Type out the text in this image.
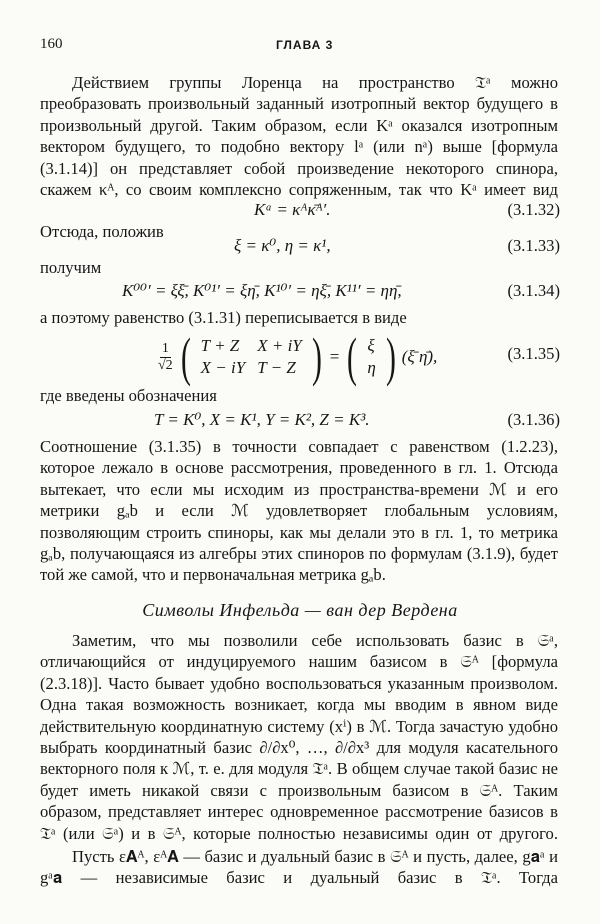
160	ГЛАВА 3
Действием группы Лоренца на пространство 𝔗ᵃ можно преобразовать произвольный заданный изотропный вектор будущего в произвольный другой. Таким образом, если Kᵃ оказался изотропным вектором будущего, то подобно вектору lᵃ (или nᵃ) выше [формула (3.1.14)] он представляет собой произведение некоторого спинора, скажем κᴬ, со своим комплексно сопряженным, так что Kᵃ имеет вид
Kᵃ = κᴬκ̄ᴬ′.	(3.1.32)
Отсюда, положив
ξ = κ⁰, η = κ¹,	(3.1.33)
получим
K⁰⁰′ = ξξ̄, K⁰¹′ = ξη̄, K¹⁰′ = ηξ̄, K¹¹′ = ηη̄,	(3.1.34)
а поэтому равенство (3.1.31) переписывается в виде
$\frac{1}{√2}$ ( T + Z	X + iY
X − iY	T − Z ) = ( ξ
η ) (ξ̄ η̄),	(3.1.35)
где введены обозначения
T = K⁰, X = K¹, Y = K², Z = K³.	(3.1.36)
Соотношение (3.1.35) в точности совпадает с равенством (1.2.23), которое лежало в основе рассмотрения, проведенного в гл. 1. Отсюда вытекает, что если мы исходим из пространства-времени ℳ и его метрики gₐb и если ℳ удовлетворяет глобальным условиям, позволяющим строить спиноры, как мы делали это в гл. 1, то метрика gₐb, получающаяся из алгебры этих спиноров по формулам (3.1.9), будет той же самой, что и первоначальная метрика gₐb.
Символы Инфельда — ван дер Вердена
Заметим, что мы позволили себе использовать базис в 𝔖ᵃ, отличающийся от индуцируемого нашим базисом в 𝔖ᴬ [формула (2.3.18)]. Часто бывает удобно воспользоваться указанным произволом. Одна такая возможность возникает, когда мы вводим в явном виде действительную координатную систему (xⁱ) в ℳ. Тогда зачастую удобно выбрать координатный базис ∂/∂x⁰, …, ∂/∂x³ для модуля касательного векторного поля к ℳ, т. е. для модуля 𝔗ᵃ. В общем случае такой базис не будет иметь никакой связи с произвольным базисом в 𝔖ᴬ. Таким образом, представляет интерес одновременное рассмотрение базисов в 𝔗ᵃ (или 𝔖ᵃ) и в 𝔖ᴬ, которые полностью независимы один от другого.
Пусть ε𝐀ᴬ, εᴬ𝐀 — базис и дуальный базис в 𝔖ᴬ и пусть, далее, g𝐚ᵃ и gᵃ𝐚 — независимые базис и дуальный базис в 𝔗ᵃ. Тогда
